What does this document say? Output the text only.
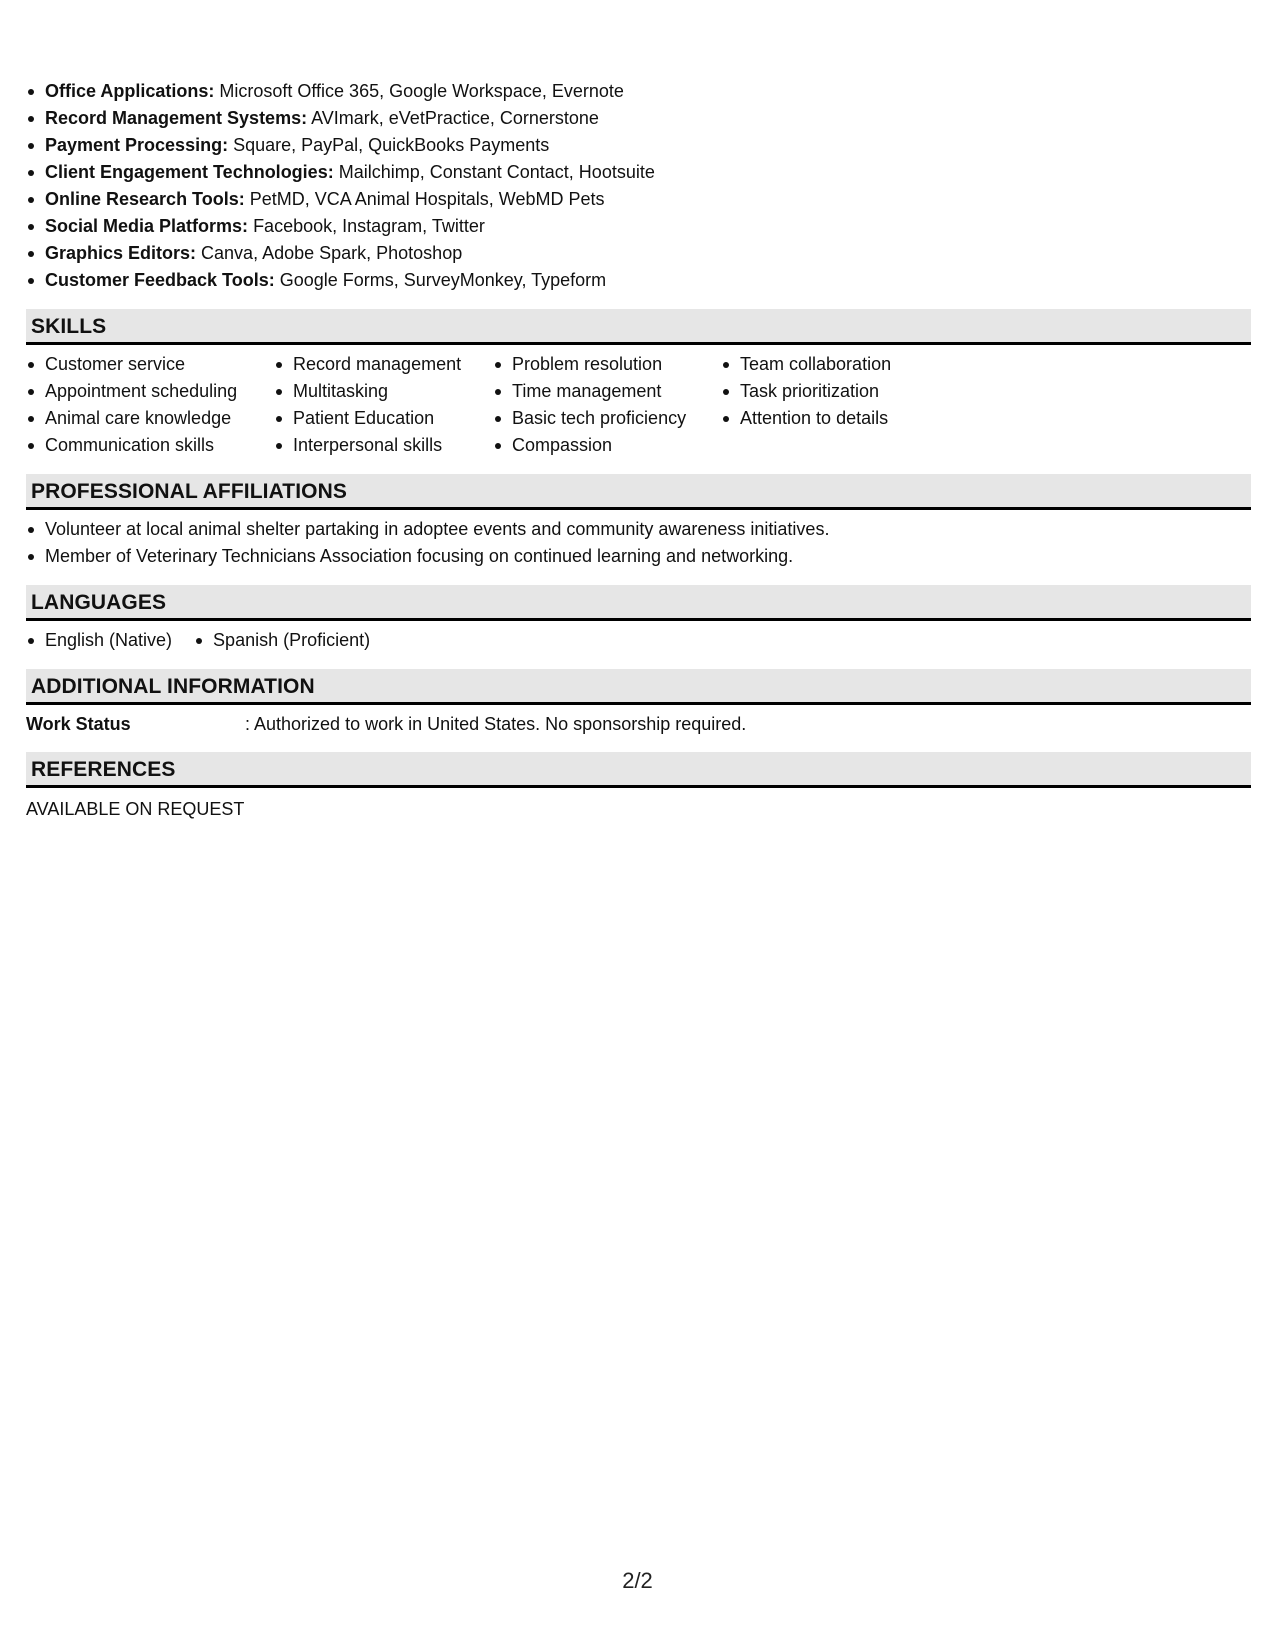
Office Applications: Microsoft Office 365, Google Workspace, Evernote
Record Management Systems: AVImark, eVetPractice, Cornerstone
Payment Processing: Square, PayPal, QuickBooks Payments
Client Engagement Technologies: Mailchimp, Constant Contact, Hootsuite
Online Research Tools: PetMD, VCA Animal Hospitals, WebMD Pets
Social Media Platforms: Facebook, Instagram, Twitter
Graphics Editors: Canva, Adobe Spark, Photoshop
Customer Feedback Tools: Google Forms, SurveyMonkey, Typeform
SKILLS
Customer service
Appointment scheduling
Animal care knowledge
Communication skills
Record management
Multitasking
Patient Education
Interpersonal skills
Problem resolution
Time management
Basic tech proficiency
Compassion
Team collaboration
Task prioritization
Attention to details
PROFESSIONAL AFFILIATIONS
Volunteer at local animal shelter partaking in adoptee events and community awareness initiatives.
Member of Veterinary Technicians Association focusing on continued learning and networking.
LANGUAGES
English (Native)	Spanish (Proficient)
ADDITIONAL INFORMATION
Work Status	: Authorized to work in United States. No sponsorship required.
REFERENCES
AVAILABLE ON REQUEST
2/2
